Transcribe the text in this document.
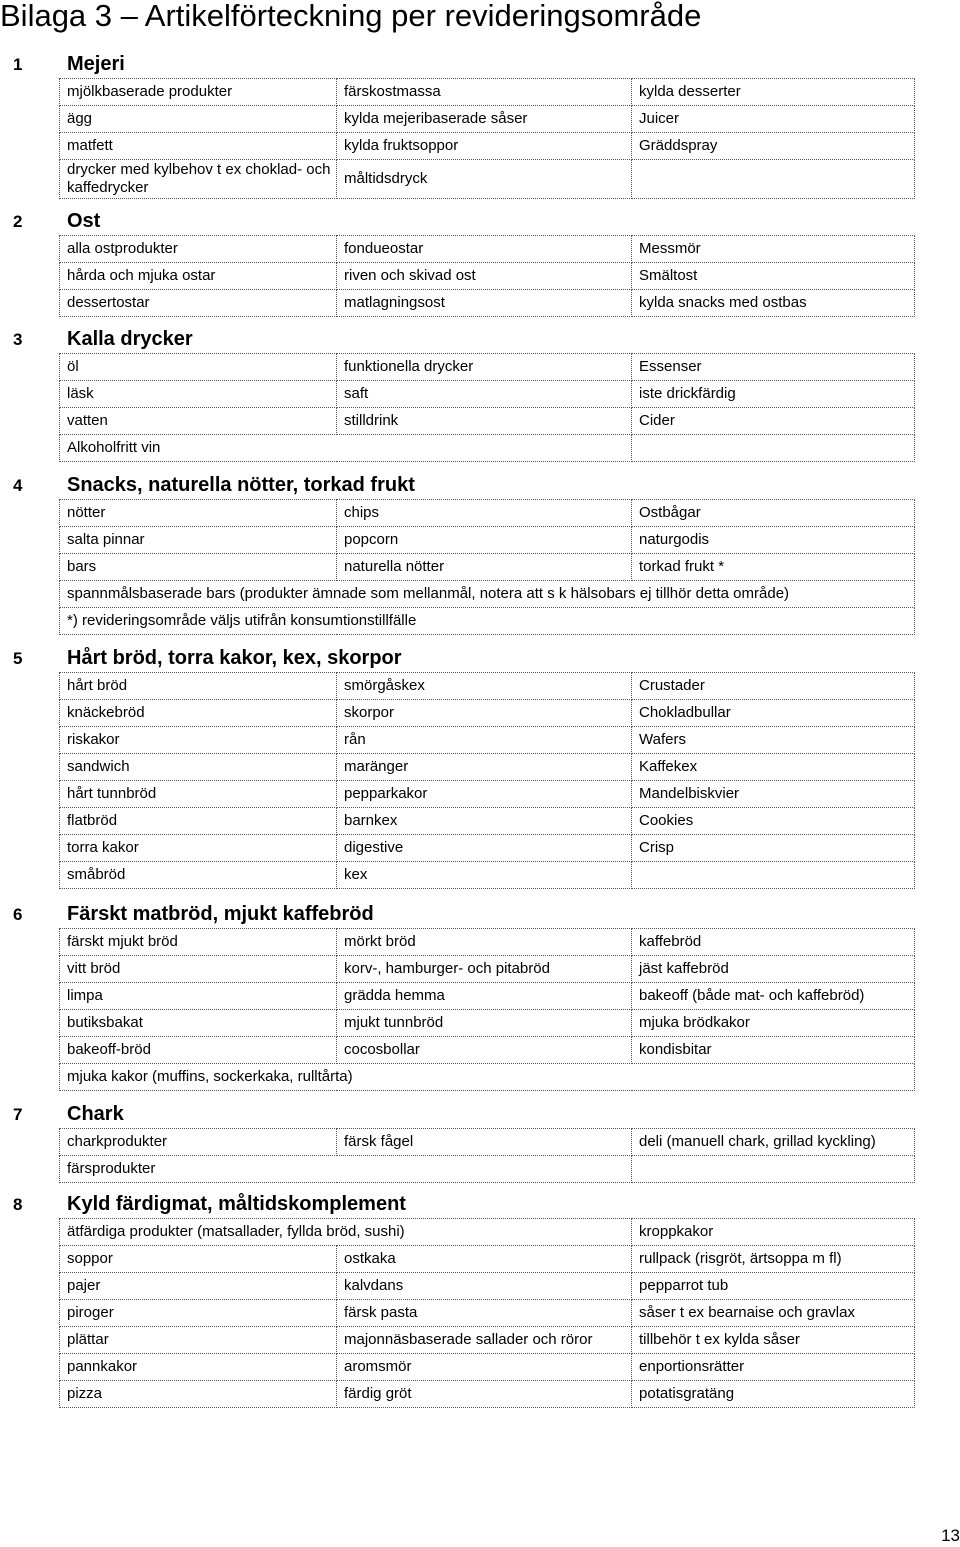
Bilaga 3 – Artikelförteckning per revideringsområde
1 Mejeri
mjölkbaserade produkter	färskostmassa	kylda desserter
ägg	kylda mejeribaserade såser	Juicer
matfett	kylda fruktsoppor	Gräddspray
drycker med kylbehov t ex choklad- och kaffedrycker	måltidsdryck	
2 Ost
alla ostprodukter	fondueostar	Messmör
hårda och mjuka ostar	riven och skivad ost	Smältost
dessertostar	matlagningsost	kylda snacks med ostbas
3 Kalla drycker
öl	funktionella drycker	Essenser
läsk	saft	iste drickfärdig
vatten	stilldrink	Cider
Alkoholfritt vin		
4 Snacks, naturella nötter, torkad frukt
nötter	chips	Ostbågar
salta pinnar	popcorn	naturgodis
bars	naturella nötter	torkad frukt *
spannmålsbaserade bars (produkter ämnade som mellanmål, notera att s k hälsobars ej tillhör detta område)		
*) revideringsområde väljs utifrån konsumtionstillfälle		
5 Hårt bröd, torra kakor, kex, skorpor
hårt bröd	smörgåskex	Crustader
knäckebröd	skorpor	Chokladbullar
riskakor	rån	Wafers
sandwich	maränger	Kaffekex
hårt tunnbröd	pepparkakor	Mandelbiskvier
flatbröd	barnkex	Cookies
torra kakor	digestive	Crisp
småbröd	kex	
6 Färskt matbröd, mjukt kaffebröd
färskt mjukt bröd	mörkt bröd	kaffebröd
vitt bröd	korv-, hamburger- och pitabröd	jäst kaffebröd
limpa	grädda hemma	bakeoff (både mat- och kaffebröd)
butiksbakat	mjukt tunnbröd	mjuka brödkakor
bakeoff-bröd	cocosbollar	kondisbitar
mjuka kakor (muffins, sockerkaka, rulltårta)		
7 Chark
charkprodukter	färsk fågel	deli (manuell chark, grillad kyckling)
färsprodukter		
8 Kyld färdigmat, måltidskomplement
ätfärdiga produkter (matsallader, fyllda bröd, sushi)		kroppkakor
soppor	ostkaka	rullpack (risgröt, ärtsoppa m fl)
pajer	kalvdans	pepparrot tub
piroger	färsk pasta	såser t ex bearnaise och gravlax
plättar	majonnäsbaserade sallader och röror	tillbehör t ex kylda såser
pannkakor	aromsmör	enportionsrätter
pizza	färdig gröt	potatisgratäng
13
